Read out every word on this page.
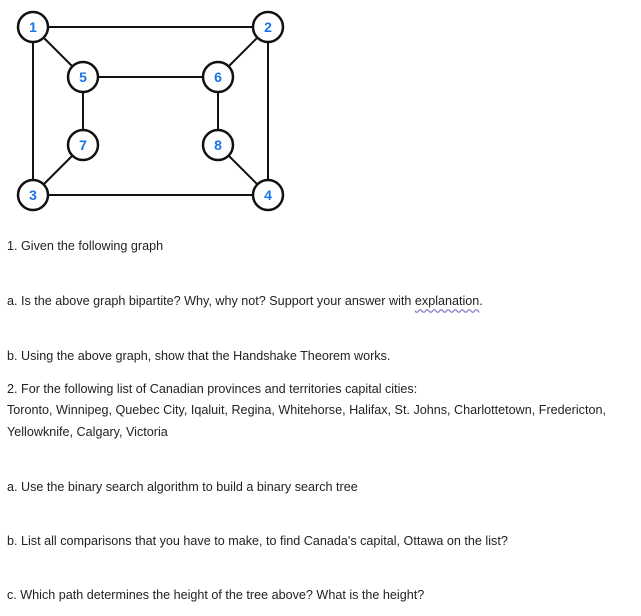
1	2
3	4
5	6
7	8
1. Given the following graph
a. Is the above graph bipartite? Why, why not? Support your answer with explanation.
b. Using the above graph, show that the Handshake Theorem works.
2. For the following list of Canadian provinces and territories capital cities:
Toronto, Winnipeg, Quebec City, Iqaluit, Regina, Whitehorse, Halifax, St. Johns, Charlottetown, Fredericton,
Yellowknife, Calgary, Victoria
a. Use the binary search algorithm to build a binary search tree
b. List all comparisons that you have to make, to find Canada's capital, Ottawa on the list?
c. Which path determines the height of the tree above? What is the height?
